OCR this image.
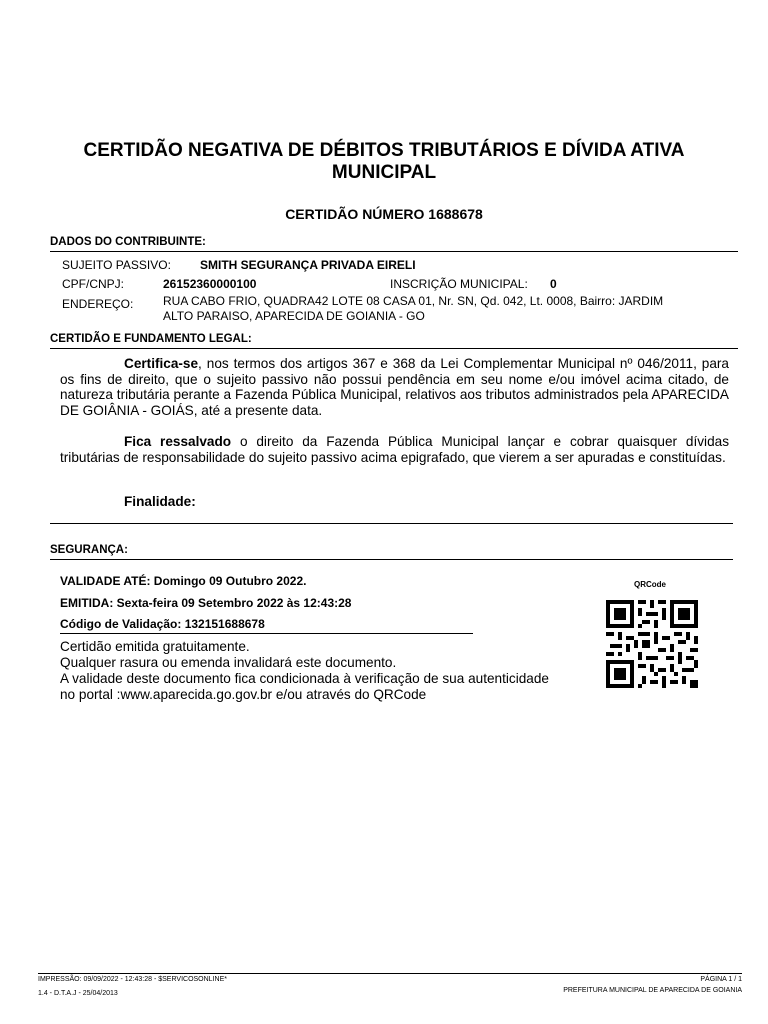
CERTIDÃO NEGATIVA DE DÉBITOS TRIBUTÁRIOS E DÍVIDA ATIVA
MUNICIPAL
CERTIDÃO NÚMERO 1688678
DADOS DO CONTRIBUINTE:
SUJEITO PASSIVO: SMITH SEGURANÇA PRIVADA EIRELI
CPF/CNPJ:	26152360000100	INSCRIÇÃO MUNICIPAL: 0
ENDEREÇO: RUA CABO FRIO, QUADRA42 LOTE 08 CASA 01, Nr. SN, Qd. 042, Lt. 0008, Bairro: JARDIM
ALTO PARAISO, APARECIDA DE GOIANIA - GO
CERTIDÃO E FUNDAMENTO LEGAL:
Certifica-se, nos termos dos artigos 367 e 368 da Lei Complementar Municipal nº 046/2011, para os fins de direito, que o sujeito passivo não possui pendência em seu nome e/ou imóvel acima citado, de natureza tributária perante a Fazenda Pública Municipal, relativos aos tributos administrados pela APARECIDA DE GOIÂNIA - GOIÁS, até a presente data.
Fica ressalvado o direito da Fazenda Pública Municipal lançar e cobrar quaisquer dívidas tributárias de responsabilidade do sujeito passivo acima epigrafado, que vierem a ser apuradas e constituídas.
Finalidade:
SEGURANÇA:
VALIDADE ATÉ: Domingo 09 Outubro 2022.
EMITIDA: Sexta-feira 09 Setembro 2022 às 12:43:28
Código de Validação: 132151688678
Certidão emitida gratuitamente.
Qualquer rasura ou emenda invalidará este documento.
A validade deste documento fica condicionada à verificação de sua autenticidade
no portal :www.aparecida.go.gov.br e/ou através do QRCode
QRCode
IMPRESSÃO: 09/09/2022 - 12:43:28 - $SERVICOSONLINE*
1.4 - D.T.A.J - 25/04/2013
PÁGINA 1 / 1
PREFEITURA MUNICIPAL DE APARECIDA DE GOIANIA
